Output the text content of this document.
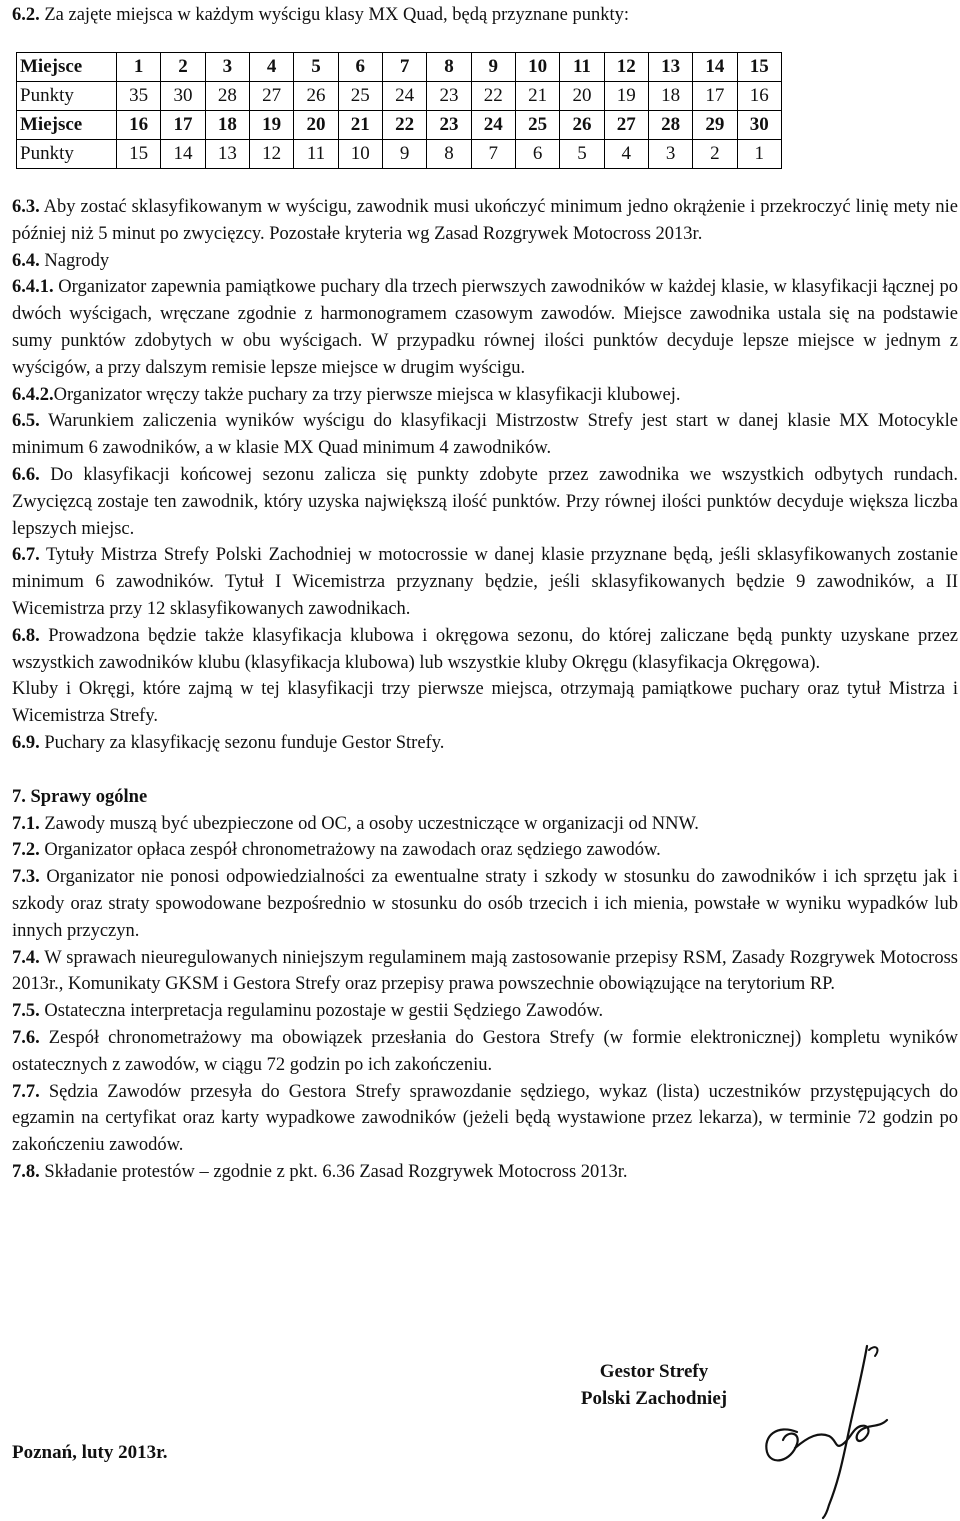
6.2. Za zajęte miejsca w każdym wyścigu klasy MX Quad, będą przyznane punkty:
Miejsce	1	2	3	4	5	6	7	8	9	10	11	12	13	14	15
Punkty	35	30	28	27	26	25	24	23	22	21	20	19	18	17	16
Miejsce	16	17	18	19	20	21	22	23	24	25	26	27	28	29	30
Punkty	15	14	13	12	11	10	9	8	7	6	5	4	3	2	1

6.3. Aby zostać sklasyfikowanym w wyścigu, zawodnik musi ukończyć minimum jedno okrążenie i przekroczyć linię mety nie później niż 5 minut po zwycięzcy. Pozostałe kryteria wg Zasad Rozgrywek Motocross 2013r.

6.4. Nagrody

6.4.1. Organizator zapewnia pamiątkowe puchary dla trzech pierwszych zawodników w każdej klasie, w klasyfikacji łącznej po dwóch wyścigach, wręczane zgodnie z harmonogramem czasowym zawodów. Miejsce zawodnika ustala się na podstawie sumy punktów zdobytych w obu wyścigach. W przypadku równej ilości punktów decyduje lepsze miejsce w jednym z wyścigów, a przy dalszym remisie lepsze miejsce w drugim wyścigu.

6.4.2.Organizator wręczy także puchary za trzy pierwsze miejsca w klasyfikacji klubowej.

6.5. Warunkiem zaliczenia wyników wyścigu do klasyfikacji Mistrzostw Strefy jest start w danej klasie MX Motocykle minimum 6 zawodników, a w klasie MX Quad minimum 4 zawodników.

6.6. Do klasyfikacji końcowej sezonu zalicza się punkty zdobyte przez zawodnika we wszystkich odbytych rundach. Zwycięzcą zostaje ten zawodnik, który uzyska największą ilość punktów. Przy równej ilości punktów decyduje większa liczba lepszych miejsc.

6.7. Tytuły Mistrza Strefy Polski Zachodniej w motocrossie w danej klasie przyznane będą, jeśli sklasyfikowanych zostanie minimum 6 zawodników. Tytuł I Wicemistrza przyznany będzie, jeśli sklasyfikowanych będzie 9 zawodników, a II Wicemistrza przy 12 sklasyfikowanych zawodnikach.

6.8. Prowadzona będzie także klasyfikacja klubowa i okręgowa sezonu, do której zaliczane będą punkty uzyskane przez wszystkich zawodników klubu (klasyfikacja klubowa) lub wszystkie kluby Okręgu (klasyfikacja Okręgowa).

Kluby i Okręgi, które zajmą w tej klasyfikacji trzy pierwsze miejsca, otrzymają pamiątkowe puchary oraz tytuł Mistrza i Wicemistrza Strefy.

6.9. Puchary za klasyfikację sezonu funduje Gestor Strefy.

7. Sprawy ogólne

7.1. Zawody muszą być ubezpieczone od OC, a osoby uczestniczące w organizacji od NNW.

7.2. Organizator opłaca zespół chronometrażowy na zawodach oraz sędziego zawodów.

7.3. Organizator nie ponosi odpowiedzialności za ewentualne straty i szkody w stosunku do zawodników i ich sprzętu jak i szkody oraz straty spowodowane bezpośrednio w stosunku do osób trzecich i ich mienia, powstałe w wyniku wypadków lub innych przyczyn.

7.4. W sprawach nieuregulowanych niniejszym regulaminem mają zastosowanie przepisy RSM, Zasady Rozgrywek Motocross 2013r., Komunikaty GKSM i Gestora Strefy oraz przepisy prawa powszechnie obowiązujące na terytorium RP.

7.5. Ostateczna interpretacja regulaminu pozostaje w gestii Sędziego Zawodów.

7.6. Zespół chronometrażowy ma obowiązek przesłania do Gestora Strefy (w formie elektronicznej) kompletu wyników ostatecznych z zawodów, w ciągu 72 godzin po ich zakończeniu.

7.7. Sędzia Zawodów przesyła do Gestora Strefy sprawozdanie sędziego, wykaz (lista) uczestników przystępujących do egzamin na certyfikat oraz karty wypadkowe zawodników (jeżeli będą wystawione przez lekarza), w terminie 72 godzin po zakończeniu zawodów.

7.8. Składanie protestów – zgodnie z pkt. 6.36 Zasad Rozgrywek Motocross 2013r.

Gestor Strefy
Polski Zachodniej
Poznań, luty 2013r.
